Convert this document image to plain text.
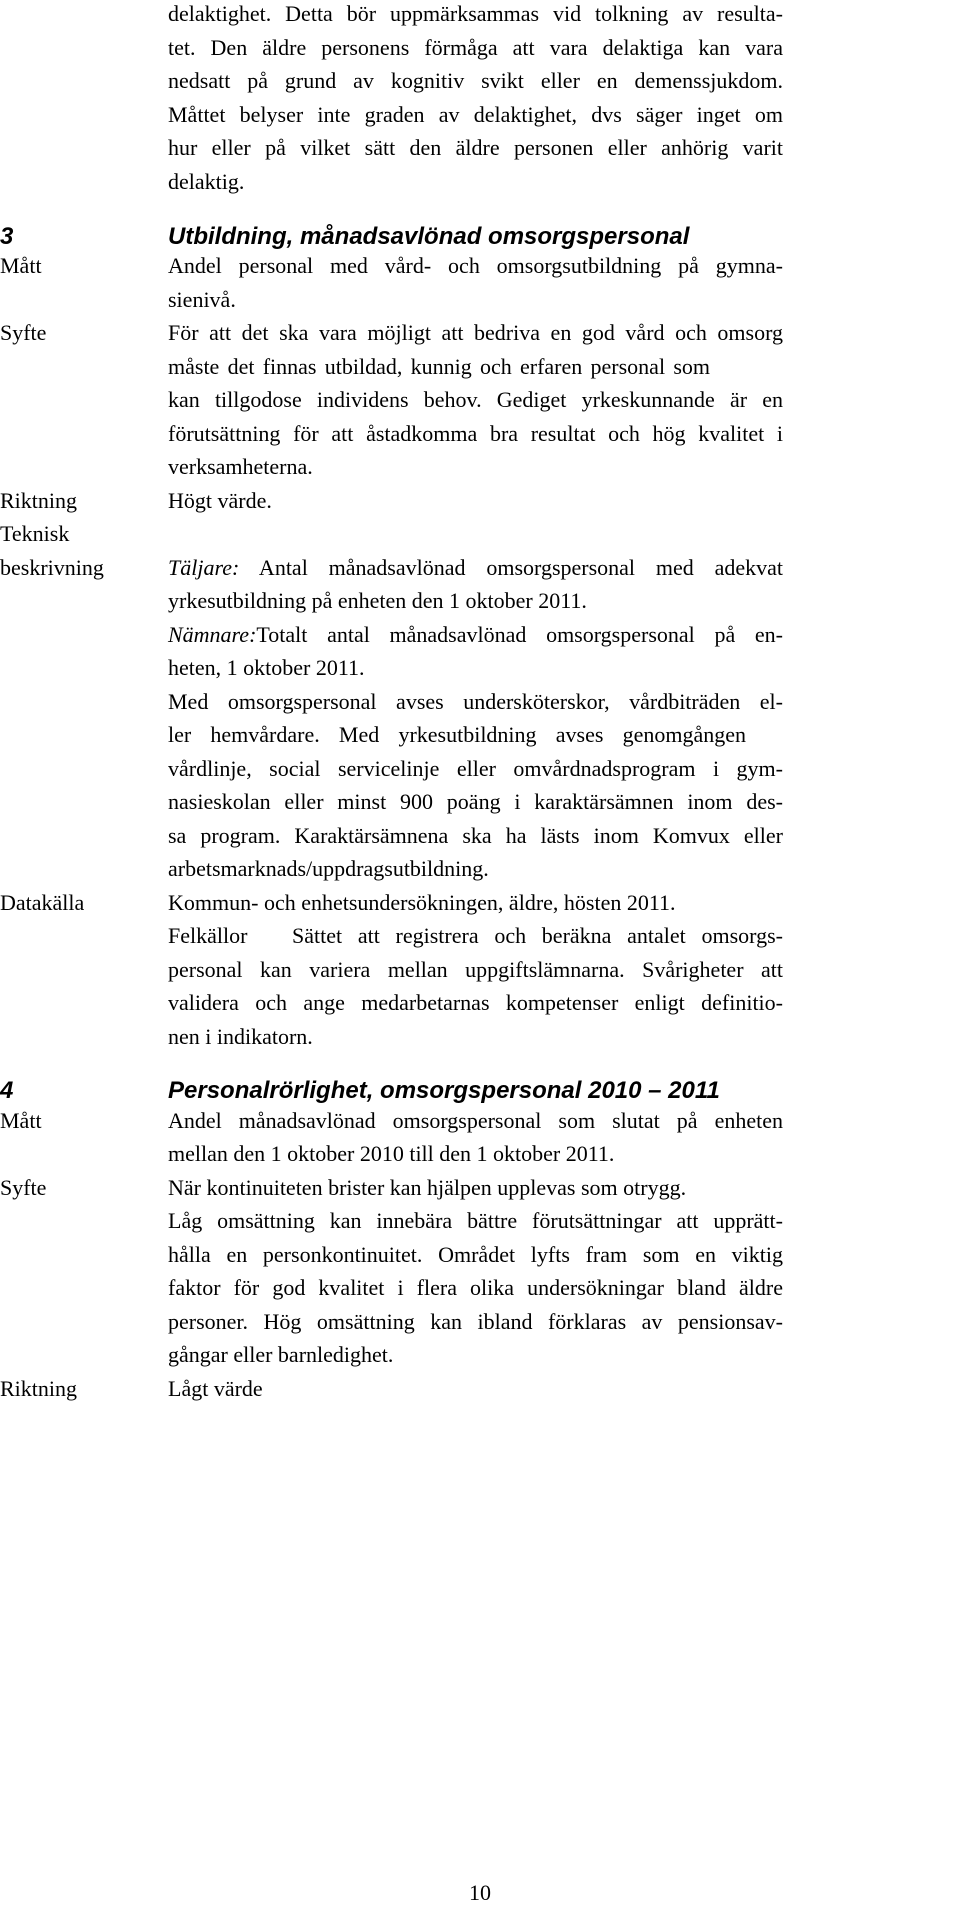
delaktighet. Detta bör uppmärksammas vid tolkning av resulta-
tet. Den äldre personens förmåga att vara delaktiga kan vara
nedsatt på grund av kognitiv svikt eller en demenssjukdom.
Måttet belyser inte graden av delaktighet, dvs säger inget om
hur eller på vilket sätt den äldre personen eller anhörig varit
delaktig.
3	Utbildning, månadsavlönad omsorgspersonal
Mått	Andel personal med vård- och omsorgsutbildning på gymna-
sienivå.
Syfte	För att det ska vara möjligt att bedriva en god vård och omsorg
måste det finnas utbildad, kunnig och erfaren personal som
kan tillgodose individens behov. Gediget yrkeskunnande är en
förutsättning för att åstadkomma bra resultat och hög kvalitet i
verksamheterna.
Riktning	Högt värde.
Teknisk
beskrivning	Täljare: Antal månadsavlönad omsorgspersonal med adekvat
yrkesutbildning på enheten den 1 oktober 2011.
Nämnare:Totalt antal månadsavlönad omsorgspersonal på en-
heten, 1 oktober 2011.
Med omsorgspersonal avses undersköterskor, vårdbiträden el-
ler hemvårdare. Med yrkesutbildning avses genomgången
vårdlinje, social servicelinje eller omvårdnadsprogram i gym-
nasieskolan eller minst 900 poäng i karaktärsämnen inom des-
sa program. Karaktärsämnena ska ha lästs inom Komvux eller
arbetsmarknads/uppdragsutbildning.
Datakälla	Kommun- och enhetsundersökningen, äldre, hösten 2011.
Felkällor Sättet att registrera och beräkna antalet omsorgs-
personal kan variera mellan uppgiftslämnarna. Svårigheter att
validera och ange medarbetarnas kompetenser enligt definitio-
nen i indikatorn.
4	Personalrörlighet, omsorgspersonal 2010 – 2011
Mått	Andel månadsavlönad omsorgspersonal som slutat på enheten
mellan den 1 oktober 2010 till den 1 oktober 2011.
Syfte	När kontinuiteten brister kan hjälpen upplevas som otrygg.
Låg omsättning kan innebära bättre förutsättningar att upprätt-
hålla en personkontinuitet. Området lyfts fram som en viktig
faktor för god kvalitet i flera olika undersökningar bland äldre
personer. Hög omsättning kan ibland förklaras av pensionsav-
gångar eller barnledighet.
Riktning	Lågt värde
10
